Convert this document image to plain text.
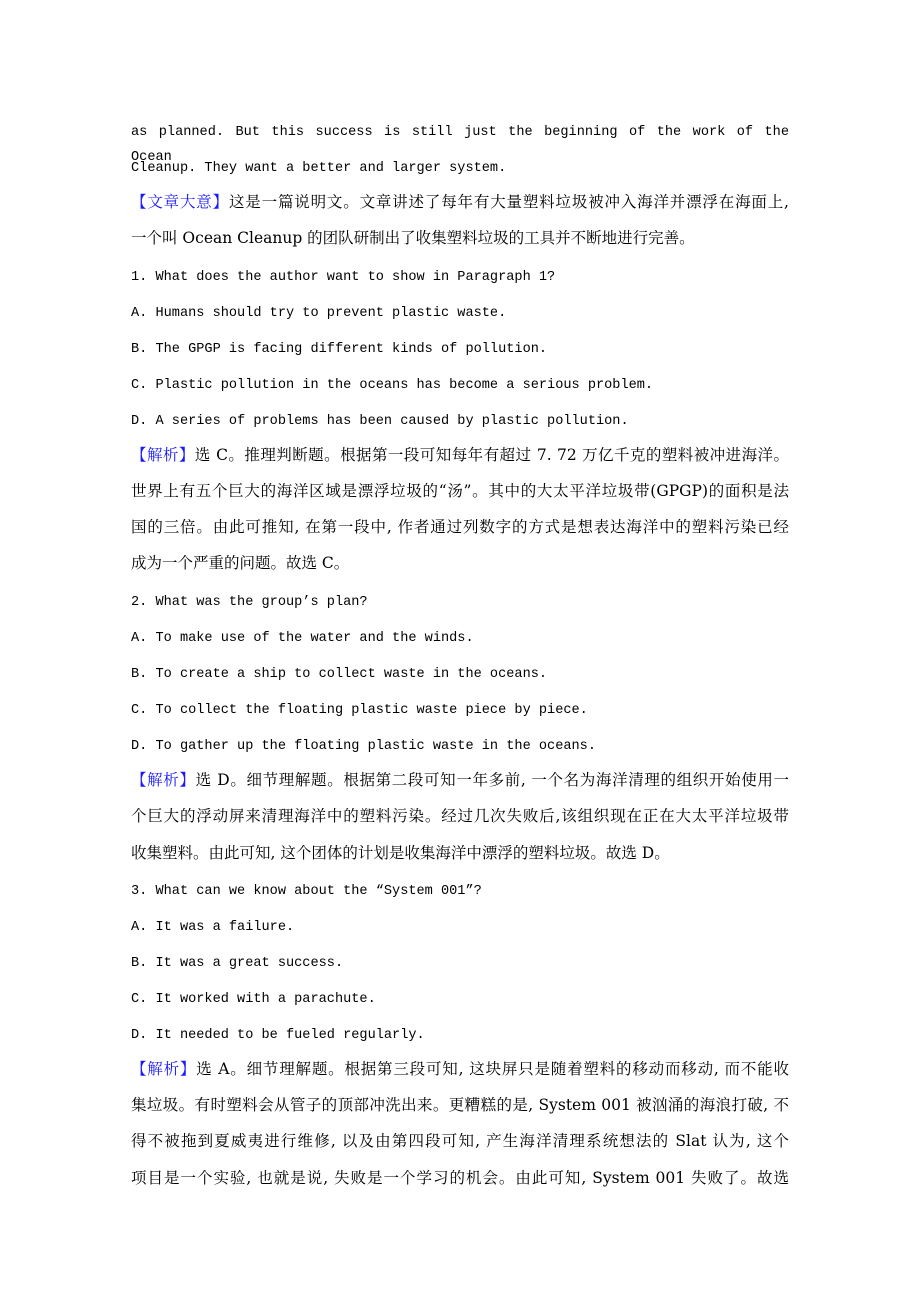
as planned. But this success is still just the beginning of the work of the Ocean
Cleanup. They want a better and larger system.
【文章大意】这是一篇说明文。文章讲述了每年有大量塑料垃圾被冲入海洋并漂浮在海面上,
一个叫 Ocean Cleanup 的团队研制出了收集塑料垃圾的工具并不断地进行完善。
1. What does the author want to show in Paragraph 1?
A. Humans should try to prevent plastic waste.
B. The GPGP is facing different kinds of pollution.
C. Plastic pollution in the oceans has become a serious problem.
D. A series of problems has been caused by plastic pollution.
【解析】选 C。推理判断题。根据第一段可知每年有超过 7. 72 万亿千克的塑料被冲进海洋。
世界上有五个巨大的海洋区域是漂浮垃圾的“汤”。其中的大太平洋垃圾带(GPGP)的面积是法
国的三倍。由此可推知, 在第一段中, 作者通过列数字的方式是想表达海洋中的塑料污染已经
成为一个严重的问题。故选 C。
2. What was the group’s plan?
A. To make use of the water and the winds.
B. To create a ship to collect waste in the oceans.
C. To collect the floating plastic waste piece by piece.
D. To gather up the floating plastic waste in the oceans.
【解析】选 D。细节理解题。根据第二段可知一年多前, 一个名为海洋清理的组织开始使用一
个巨大的浮动屏来清理海洋中的塑料污染。经过几次失败后,该组织现在正在大太平洋垃圾带
收集塑料。由此可知, 这个团体的计划是收集海洋中漂浮的塑料垃圾。故选 D。
3. What can we know about the “System 001”?
A. It was a failure.
B. It was a great success.
C. It worked with a parachute.
D. It needed to be fueled regularly.
【解析】选 A。细节理解题。根据第三段可知, 这块屏只是随着塑料的移动而移动, 而不能收
集垃圾。有时塑料会从管子的顶部冲洗出来。更糟糕的是, System 001 被汹涌的海浪打破, 不
得不被拖到夏威夷进行维修, 以及由第四段可知, 产生海洋清理系统想法的 Slat 认为, 这个
项目是一个实验, 也就是说, 失败是一个学习的机会。由此可知, System 001 失败了。故选
